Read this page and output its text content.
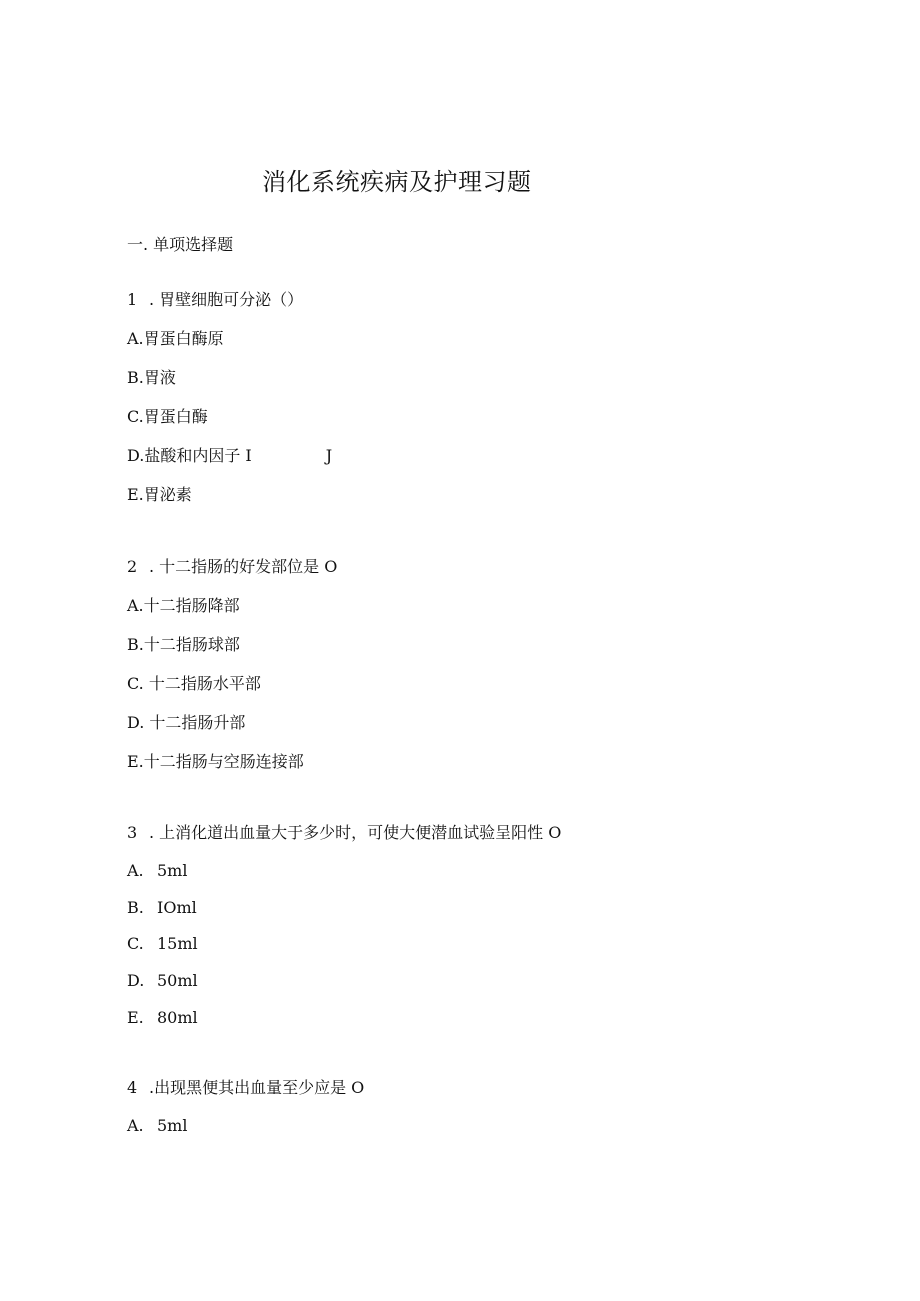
消化系统疾病及护理习题
一. 单项选择题
1 . 胃壁细胞可分泌（）
A.胃蛋白酶原
B.胃液
C.胃蛋白酶
D.盐酸和内因子 I	J
E.胃泌素
2 . 十二指肠的好发部位是 O
A.十二指肠降部
B.十二指肠球部
C. 十二指肠水平部
D. 十二指肠升部
E.十二指肠与空肠连接部
3 . 上消化道出血量大于多少时，可使大便潜血试验呈阳性 O
A. 5ml
B. IOml
C. 15ml
D. 50ml
E. 80ml
4 .出现黑便其出血量至少应是 O
A. 5ml
